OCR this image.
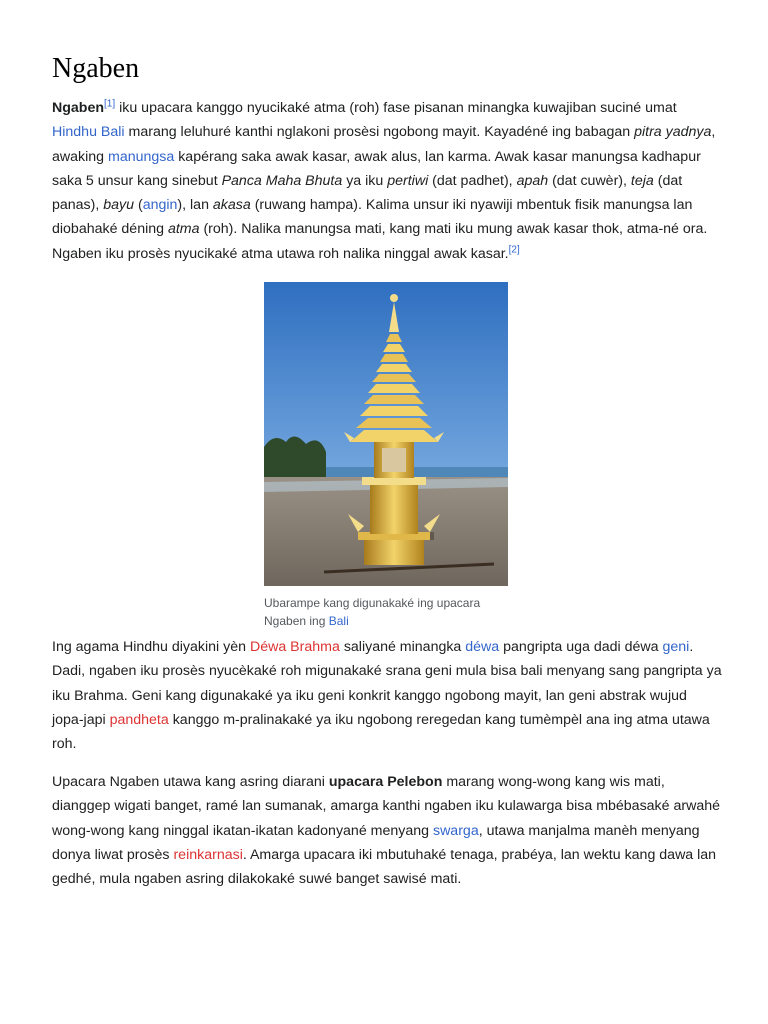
Ngaben

Ngaben[1] iku upacara kanggo nyucikaké atma (roh) fase pisanan minangka kuwajiban suciné umat Hindhu Bali marang leluhuré kanthi nglakoni prosèsi ngobong mayit. Kayadéné ing babagan pitra yadnya, awaking manungsa kapérang saka awak kasar, awak alus, lan karma. Awak kasar manungsa kadhapur saka 5 unsur kang sinebut Panca Maha Bhuta ya iku pertiwi (dat padhet), apah (dat cuwèr), teja (dat panas), bayu (angin), lan akasa (ruwang hampa). Kalima unsur iki nyawiji mbentuk fisik manungsa lan diobahaké déning atma (roh). Nalika manungsa mati, kang mati iku mung awak kasar thok, atma-né ora. Ngaben iku prosès nyucikaké atma utawa roh nalika ninggal awak kasar.[2]

Ubarampe kang digunakaké ing upacara Ngaben ing Bali

Ing agama Hindhu diyakini yèn Déwa Brahma saliyané minangka déwa pangripta uga dadi déwa geni. Dadi, ngaben iku prosès nyucèkaké roh migunakaké srana geni mula bisa bali menyang sang pangripta ya iku Brahma. Geni kang digunakaké ya iku geni konkrit kanggo ngobong mayit, lan geni abstrak wujud jopa-japi pandheta kanggo m-pralinakaké ya iku ngobong reregedan kang tumèmpèl ana ing atma utawa roh.

Upacara Ngaben utawa kang asring diarani upacara Pelebon marang wong-wong kang wis mati, dianggep wigati banget, ramé lan sumanak, amarga kanthi ngaben iku kulawarga bisa mbébasaké arwahé wong-wong kang ninggal ikatan-ikatan kadonyané menyang swarga, utawa manjalma manèh menyang donya liwat prosès reinkarnasi. Amarga upacara iki mbutuhaké tenaga, prabéya, lan wektu kang dawa lan gedhé, mula ngaben asring dilakokaké suwé banget sawisé mati.
